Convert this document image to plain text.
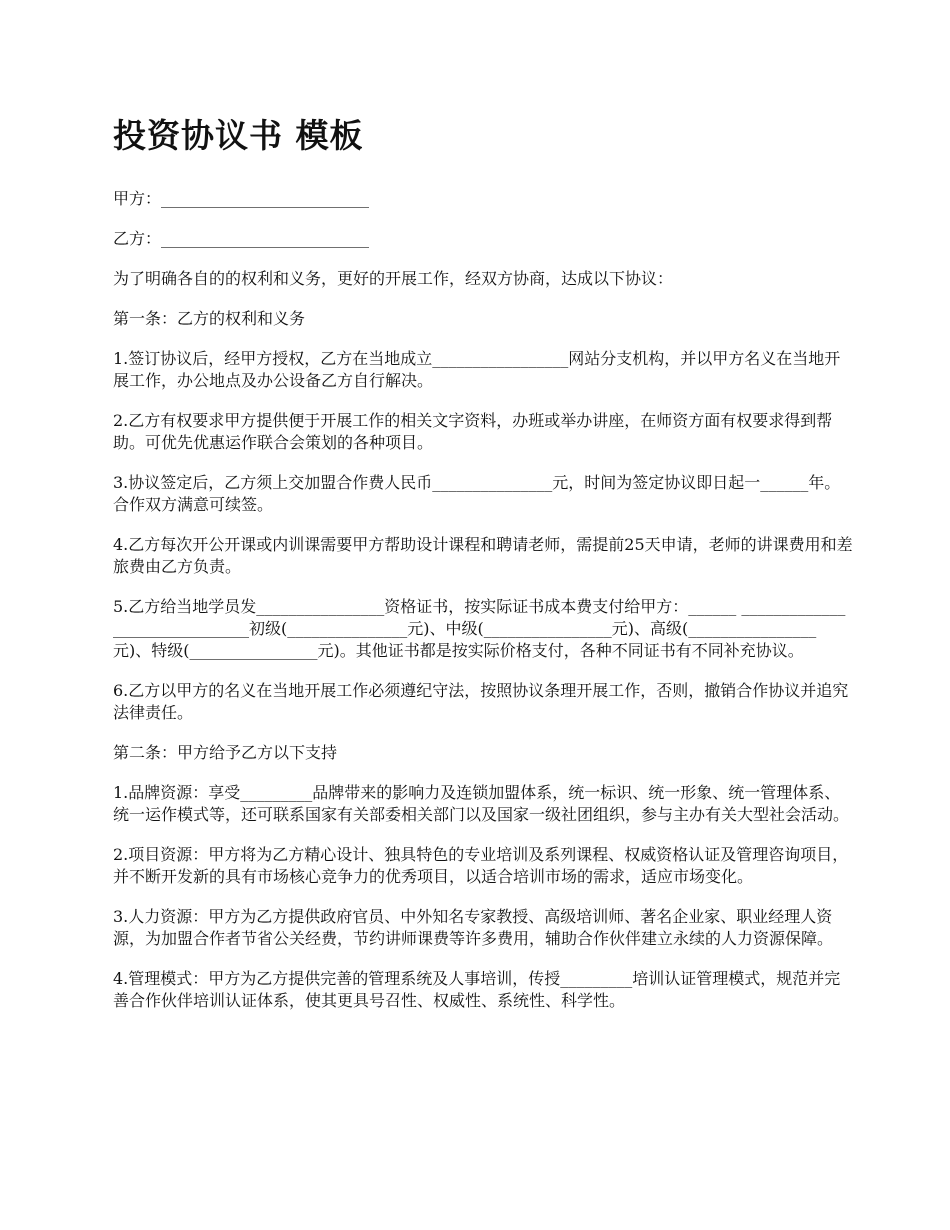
投资协议书 模板

甲方：__________________________

乙方：__________________________

为了明确各自的的权利和义务，更好的开展工作，经双方协商，达成以下协议：

第一条：乙方的权利和义务

1.签订协议后，经甲方授权，乙方在当地成立_________________网站分支机构，并以甲方名义在当地开展工作，办公地点及办公设备乙方自行解决。

2.乙方有权要求甲方提供便于开展工作的相关文字资料，办班或举办讲座，在师资方面有权要求得到帮助。可优先优惠运作联合会策划的各种项目。

3.协议签定后，乙方须上交加盟合作费人民币_______________元，时间为签定协议即日起一______年。合作双方满意可续签。

4.乙方每次开公开课或内训课需要甲方帮助设计课程和聘请老师，需提前25天申请，老师的讲课费用和差旅费由乙方负责。

5.乙方给当地学员发________________资格证书，按实际证书成本费支付给甲方：______ ______________________________初级(_______________元)、中级(________________元)、高级(________________元)、特级(________________元)。其他证书都是按实际价格支付，各种不同证书有不同补充协议。

6.乙方以甲方的名义在当地开展工作必须遵纪守法，按照协议条理开展工作，否则，撤销合作协议并追究法律责任。

第二条：甲方给予乙方以下支持

1.品牌资源：享受_________品牌带来的影响力及连锁加盟体系，统一标识、统一形象、统一管理体系、统一运作模式等，还可联系国家有关部委相关部门以及国家一级社团组织，参与主办有关大型社会活动。

2.项目资源：甲方将为乙方精心设计、独具特色的专业培训及系列课程、权威资格认证及管理咨询项目，并不断开发新的具有市场核心竞争力的优秀项目，以适合培训市场的需求，适应市场变化。

3.人力资源：甲方为乙方提供政府官员、中外知名专家教授、高级培训师、著名企业家、职业经理人资源，为加盟合作者节省公关经费，节约讲师课费等许多费用，辅助合作伙伴建立永续的人力资源保障。

4.管理模式：甲方为乙方提供完善的管理系统及人事培训，传授_________培训认证管理模式，规范并完善合作伙伴培训认证体系，使其更具号召性、权威性、系统性、科学性。
